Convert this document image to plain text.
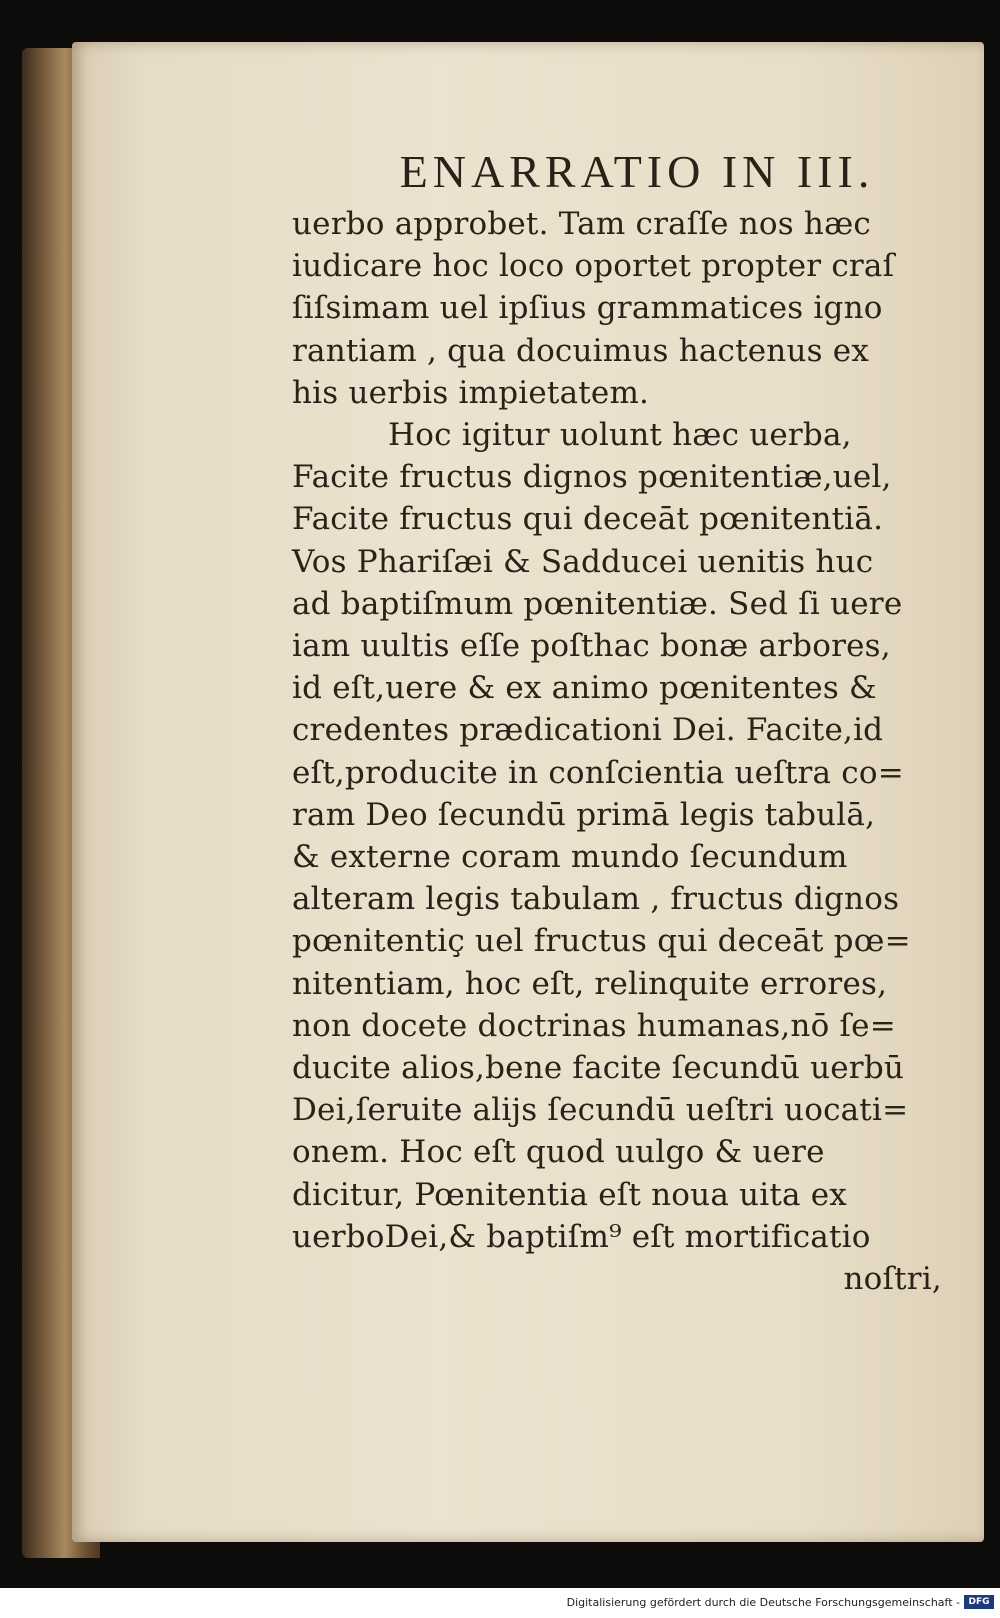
ENARRATIO IN III.
uerbo approbet. Tam craſſe nos hæc
iudicare hoc loco oportet propter craſ
ſiſsimam uel ipſius grammatices igno
rantiam , qua docuimus hactenus ex
his uerbis impietatem.
Hoc igitur uolunt hæc uerba,
Facite fructus dignos pœnitentiæ,uel,
Facite fructus qui deceāt pœnitentiā.
Vos Phariſæi & Sadducei uenitis huc
ad baptiſmum pœnitentiæ. Sed ſi uere
iam uultis eſſe poſthac bonæ arbores,
id eſt,uere & ex animo pœnitentes &
credentes prædicationi Dei. Facite,id
eſt,producite in conſcientia ueſtra co=
ram Deo ſecundū primā legis tabulā,
& externe coram mundo ſecundum
alteram legis tabulam , fructus dignos
pœnitentiç uel fructus qui deceāt pœ=
nitentiam, hoc eſt, relinquite errores,
non docete doctrinas humanas,nō ſe=
ducite alios,bene facite ſecundū uerbū
Dei,ſeruite alijs ſecundū ueſtri uocati=
onem. Hoc eſt quod uulgo & uere
dicitur, Pœnitentia eſt noua uita ex
uerboDei,& baptiſm⁹ eſt mortificatio
noſtri,
Digitalisierung gefördert durch die Deutsche Forschungsgemeinschaft - DFG
